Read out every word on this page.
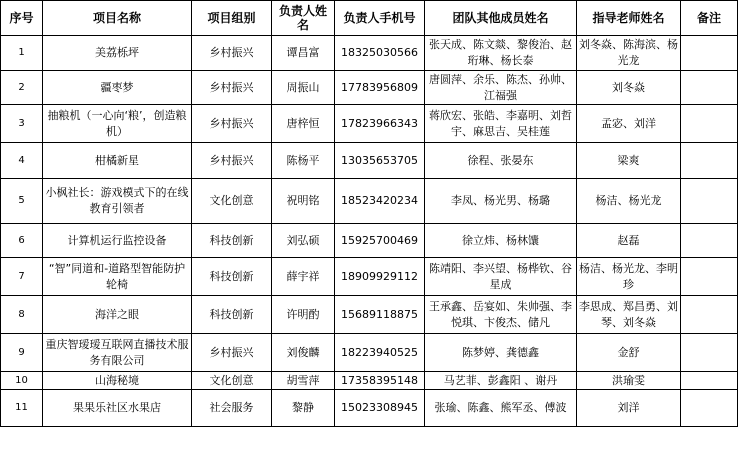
序号	项目名称	项目组别	负责人姓名	负责人手机号	团队其他成员姓名	指导老师姓名	备注
1	美荔栎坪	乡村振兴	谭昌富	18325030566	张天成、陈文燚、黎俊治、赵珩琳、杨长泰	刘冬焱、陈海滨、杨光龙	
2	疆枣梦	乡村振兴	周振山	17783956809	唐圆萍、余乐、陈杰、孙帅、江福强	刘冬焱	
3	抽粮机（一心向‘粮’，创造粮机）	乡村振兴	唐梓恒	17823966343	蒋欣宏、张皓、李嘉明、刘哲宇、麻思吉、吴桂莲	孟宓、刘洋	
4	柑橘新星	乡村振兴	陈杨平	13035653705	徐程、张晏东	梁爽	
5	小枫社长：游戏模式下的在线教育引领者	文化创意	祝明铭	18523420234	李凤、杨光男、杨璐	杨洁、杨光龙	
6	计算机运行监控设备	科技创新	刘弘硕	15925700469	徐立炜、杨林馕	赵磊	
7	“智”同道和-道路型智能防护轮椅	科技创新	薛宇祥	18909929112	陈靖阳、李兴望、杨桦钦、谷星成	杨洁、杨光龙、李明珍	
8	海洋之眼	科技创新	许明酌	15689118875	王承鑫、岳宴如、朱帅强、李悦琪、卞俊杰、储凡	李思成、郑昌勇、刘琴、刘冬焱	
9	重庆智瑷瑷互联网直播技术服务有限公司	乡村振兴	刘俊麟	18223940525	陈梦婷、龚德鑫	金舒	
10	山海秘境	文化创意	胡雪萍	17358395148	马艺菲、彭鑫阳 、谢丹	洪瑜雯	
11	果果乐社区水果店	社会服务	黎静	15023308945	张瑜、陈鑫、熊军丞、傅波	刘洋	
